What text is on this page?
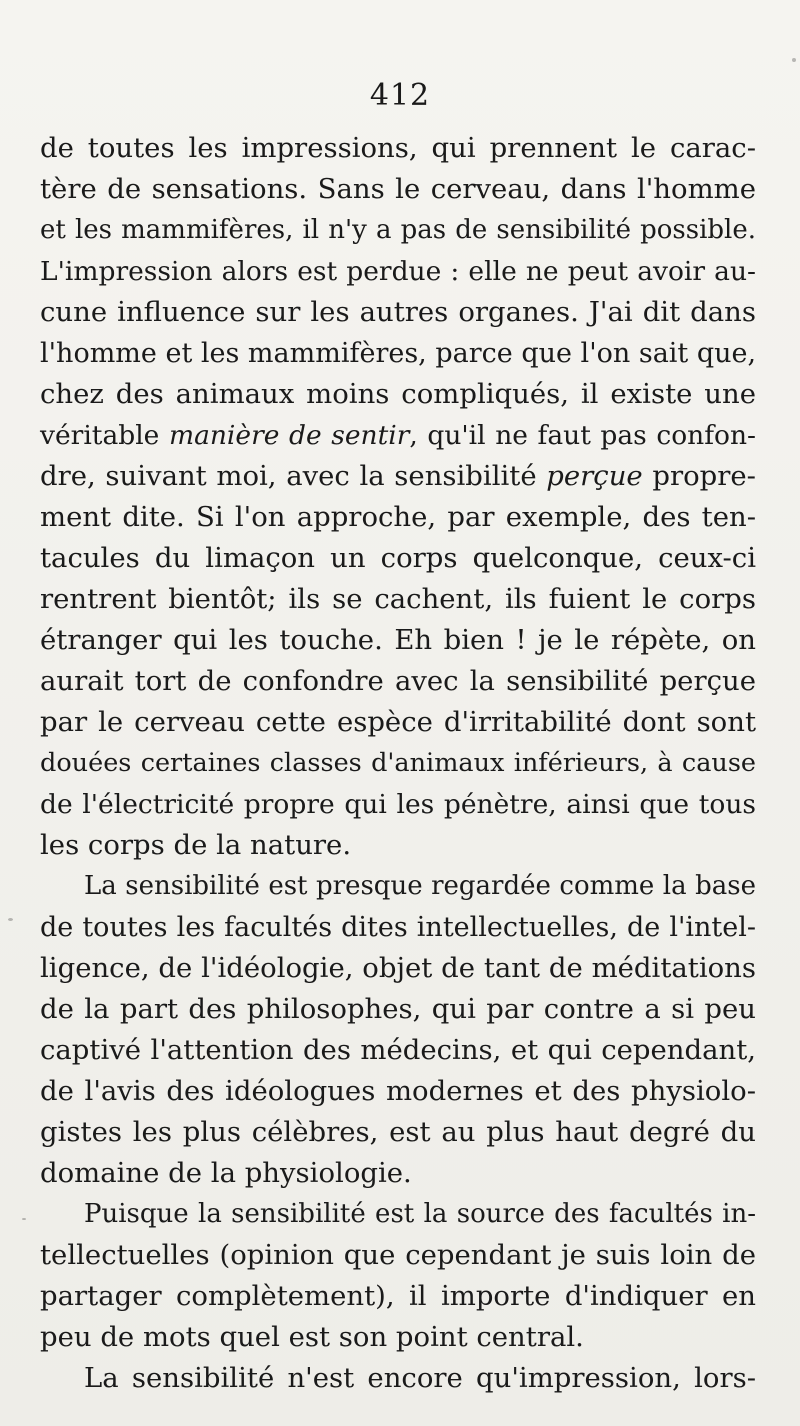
412
de toutes les impressions, qui prennent le carac-
tère de sensations. Sans le cerveau, dans l'homme
et les mammifères, il n'y a pas de sensibilité possible.
L'impression alors est perdue : elle ne peut avoir au-
cune influence sur les autres organes. J'ai dit dans
l'homme et les mammifères, parce que l'on sait que,
chez des animaux moins compliqués, il existe une
véritable manière de sentir, qu'il ne faut pas confon-
dre, suivant moi, avec la sensibilité perçue propre-
ment dite. Si l'on approche, par exemple, des ten-
tacules du limaçon un corps quelconque, ceux-ci
rentrent bientôt; ils se cachent, ils fuient le corps
étranger qui les touche. Eh bien ! je le répète, on
aurait tort de confondre avec la sensibilité perçue
par le cerveau cette espèce d'irritabilité dont sont
douées certaines classes d'animaux inférieurs, à cause
de l'électricité propre qui les pénètre, ainsi que tous
les corps de la nature.
La sensibilité est presque regardée comme la base
de toutes les facultés dites intellectuelles, de l'intel-
ligence, de l'idéologie, objet de tant de méditations
de la part des philosophes, qui par contre a si peu
captivé l'attention des médecins, et qui cependant,
de l'avis des idéologues modernes et des physiolo-
gistes les plus célèbres, est au plus haut degré du
domaine de la physiologie.
Puisque la sensibilité est la source des facultés in-
tellectuelles (opinion que cependant je suis loin de
partager complètement), il importe d'indiquer en
peu de mots quel est son point central.
La sensibilité n'est encore qu'impression, lors-
